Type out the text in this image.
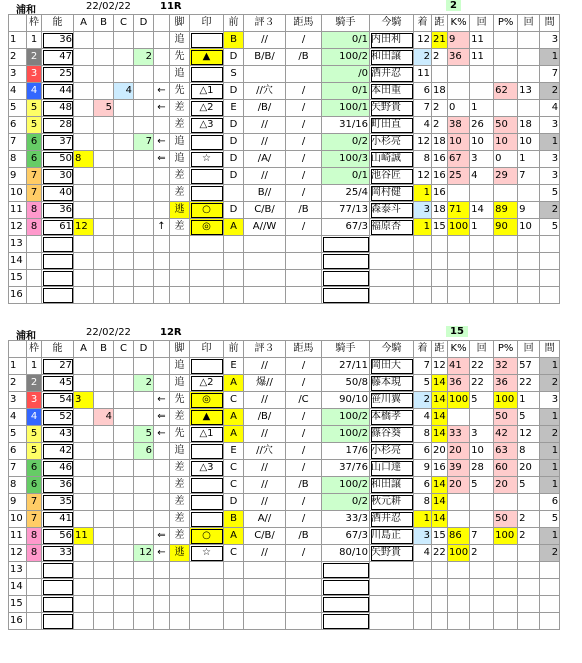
浦和	22/02/22	11R	2
	枠	能	A	B	C	D		脚	印	前	評３	距馬	騎手	今騎	着	距	K%	回	P%	回	間
1	1	36						追		B	//	/	0/1	内田利	12	21	9	11			3
2	2	47				2		先	▲	D	B/B/	/B	100/2	和田譲	2	2	36	11			1
3	3	25						追		S			/0	酒井忍	11						7
4	4	44			4		←	先	△1	D	//穴	/	0/1	本田重	6	18			62	13	2
5	5	48		5			←	差	△2	E	/B/	/	100/1	矢野貴	7	2	0	1			4
6	5	28						差	△3	D	//	/	31/16	町田直	4	2	38	26	50	18	3
7	6	37				7	←	追		D	//	/	0/2	小杉亮	12	18	10	10	10	10	1
8	6	50	8				⇐	追	☆	D	/A/	/	100/3	山崎誠	8	16	67	3	0	1	3
9	7	30						差		D	//	/	0/1	池谷匠	12	16	25	4	29	7	3
10	7	40						差			B//	/	25/4	岡村健	1	16					5
11	8	36						逃	○	D	C/B/	/B	77/13	森泰斗	3	18	71	14	89	9	2
12	8	61	12				↑	差	◎	A	A//W	/	67/3	福原杏	1	15	100	1	90	10	5
13																					
14																					
15																					
16																					
浦和	22/02/22	12R	15
	枠	能	A	B	C	D		脚	印	前	評３	距馬	騎手	今騎	着	距	K%	回	P%	回	間
1	1	27						追		E	//	/	27/11	岡田大	7	12	41	22	32	57	1
2	2	45				2		追	△2	A	爆//	/	50/8	藤本現	5	14	36	22	36	22	2
3	3	54	3				←	先	◎	C	//	/C	90/10	笹川翼	2	14	100	5	100	1	3
4	4	52		4			⇐	差	▲	A	/B/	/	100/2	本橋孝	4	14			50	5	1
5	5	43				5	←	先	△1	A	//	/	100/2	篠谷葵	8	14	33	3	42	12	2
6	5	42				6		追		E	//穴	/	17/6	小杉亮	6	20	20	10	63	8	1
7	6	46						差	△3	C	//	/	37/76	山口達	9	16	39	28	60	20	1
8	6	36						差		C	//	/B	100/2	和田譲	6	14	20	5	20	5	1
9	7	35						差		D	//	/	0/2	秋元耕	8	14					6
10	7	41						差		B	A//	/	33/3	酒井忍	1	14			50	2	5
11	8	56	11				⇐	差	○	A	C/B/	/B	67/3	川島正	3	15	86	7	100	2	1
12	8	33				12	←	逃	☆	C	//	/	80/10	矢野貴	4	22	100	2			2
13																					
14																					
15																					
16																					
